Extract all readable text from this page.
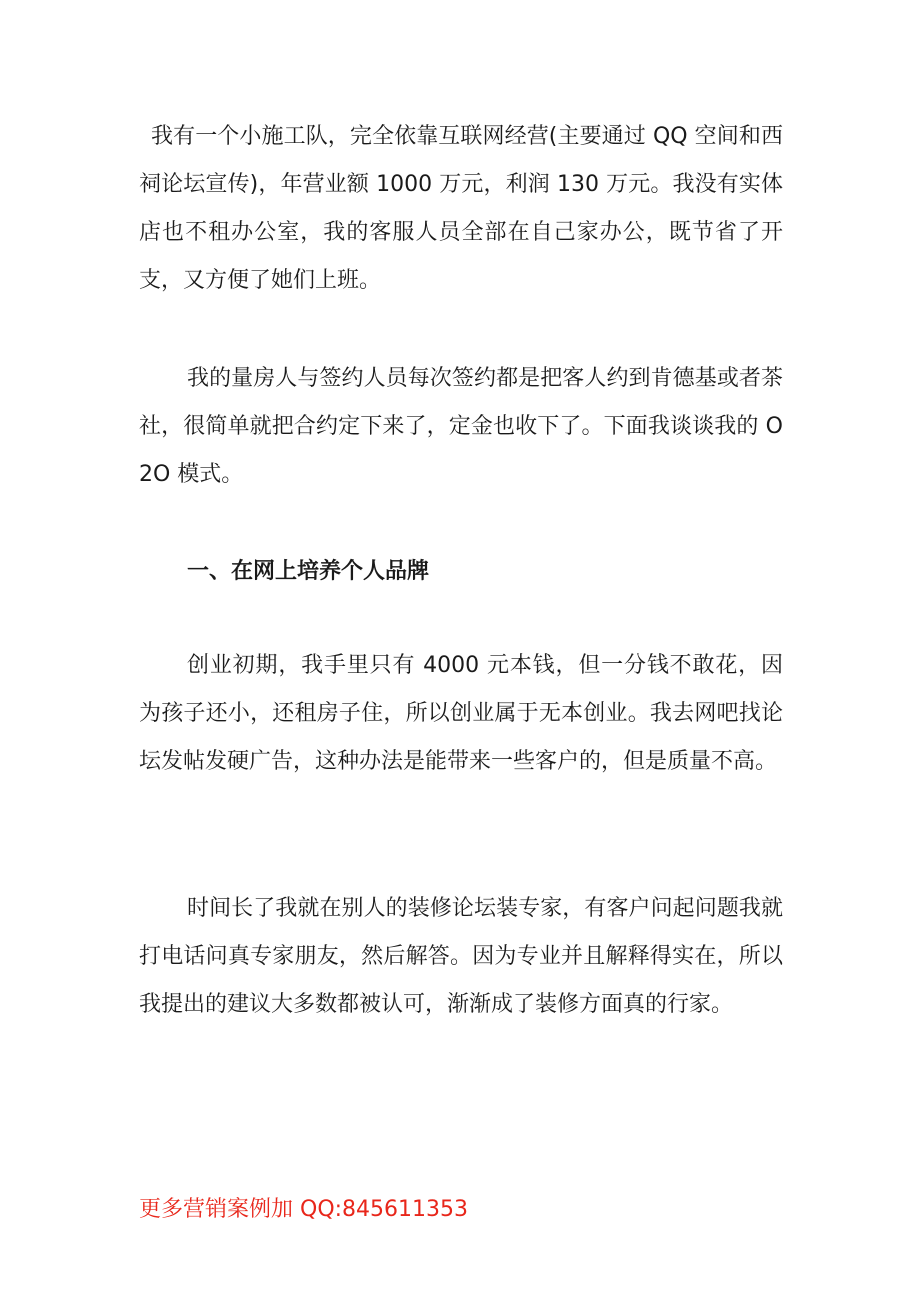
我有一个小施工队，完全依靠互联网经营(主要通过 QQ 空间和西祠论坛宣传)，年营业额 1000 万元，利润 130 万元。我没有实体店也不租办公室，我的客服人员全部在自己家办公，既节省了开支，又方便了她们上班。

我的量房人与签约人员每次签约都是把客人约到肯德基或者茶社，很简单就把合约定下来了，定金也收下了。下面我谈谈我的 O2O 模式。

一、在网上培养个人品牌

创业初期，我手里只有 4000 元本钱，但一分钱不敢花，因为孩子还小，还租房子住，所以创业属于无本创业。我去网吧找论坛发帖发硬广告，这种办法是能带来一些客户的，但是质量不高。

时间长了我就在别人的装修论坛装专家，有客户问起问题我就打电话问真专家朋友，然后解答。因为专业并且解释得实在，所以我提出的建议大多数都被认可，渐渐成了装修方面真的行家。

更多营销案例加 QQ:845611353
